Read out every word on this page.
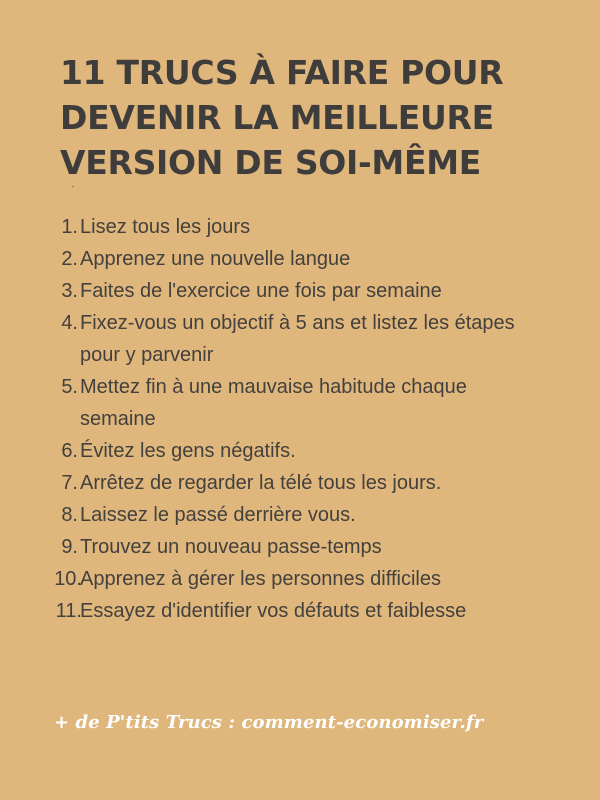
11 TRUCS À FAIRE POUR
DEVENIR LA MEILLEURE
VERSION DE SOI-MÊME
1. Lisez tous les jours
2. Apprenez une nouvelle langue
3. Faites de l'exercice une fois par semaine
4. Fixez-vous un objectif à 5 ans et listez les étapes pour y parvenir
5. Mettez fin à une mauvaise habitude chaque semaine
6. Évitez les gens négatifs.
7. Arrêtez de regarder la télé tous les jours.
8. Laissez le passé derrière vous.
9. Trouvez un nouveau passe-temps
10.
Apprenez à gérer les personnes difficiles
11.
Essayez d'identifier vos défauts et faiblesse
+ de P'tits Trucs : comment-economiser.fr
